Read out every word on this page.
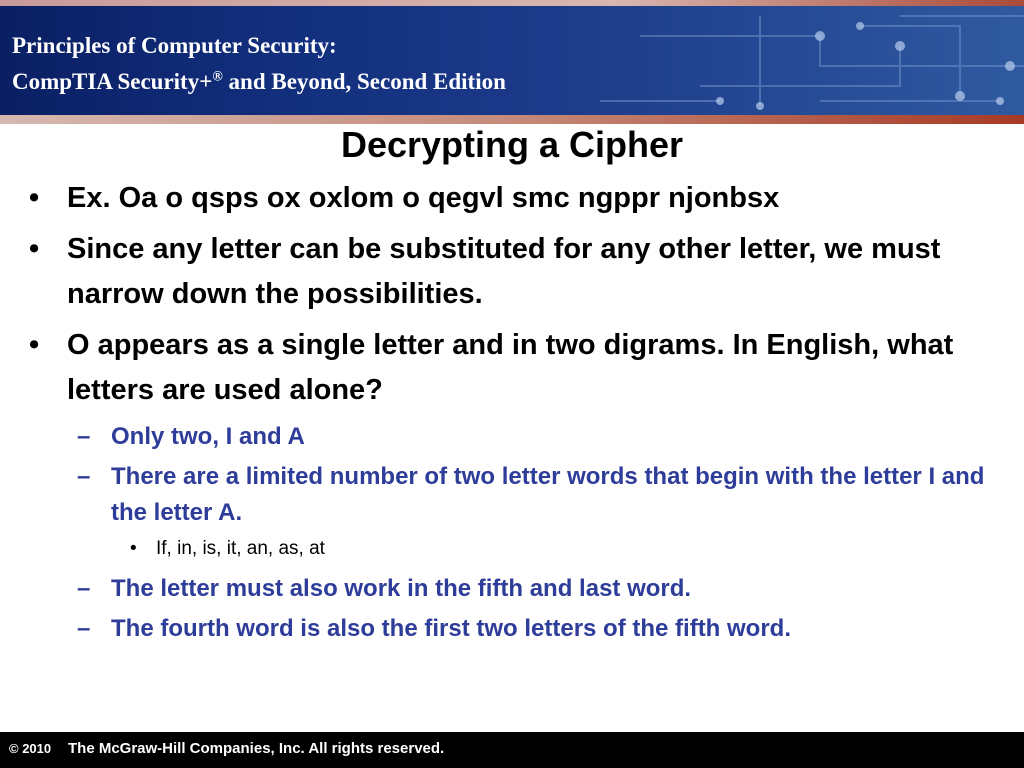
Principles of Computer Security:
CompTIA Security+® and Beyond, Second Edition
Decrypting a Cipher
• Ex. Oa o qsps ox oxlom o qegvl smc ngppr njonbsx
• Since any letter can be substituted for any other letter, we must narrow down the possibilities.
• O appears as a single letter and in two digrams. In English, what letters are used alone?
– Only two, I and A
– There are a limited number of two letter words that begin with the letter I and the letter A.
• If, in, is, it, an, as, at
– The letter must also work in the fifth and last word.
– The fourth word is also the first two letters of the fifth word.
© 2010 The McGraw-Hill Companies, Inc. All rights reserved.
